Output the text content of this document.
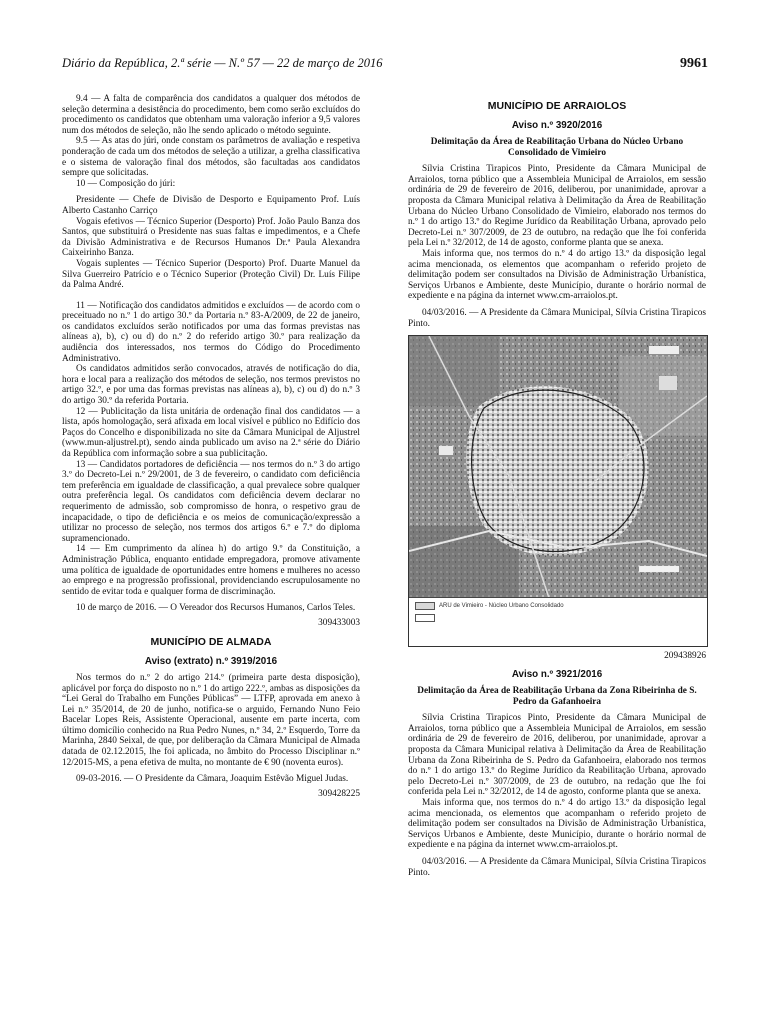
Diário da República, 2.ª série — N.º 57 — 22 de março de 2016	9961

9.4 — A falta de comparência dos candidatos a qualquer dos métodos de seleção determina a desistência do procedimento, bem como serão excluídos do procedimento os candidatos que obtenham uma valoração inferior a 9,5 valores num dos métodos de seleção, não lhe sendo aplicado o método seguinte.

9.5 — As atas do júri, onde constam os parâmetros de avaliação e respetiva ponderação de cada um dos métodos de seleção a utilizar, a grelha classificativa e o sistema de valoração final dos métodos, são facultadas aos candidatos sempre que solicitadas.

10 — Composição do júri:

Presidente — Chefe de Divisão de Desporto e Equipamento Prof. Luís Alberto Castanho Carriço

Vogais efetivos — Técnico Superior (Desporto) Prof. João Paulo Banza dos Santos, que substituirá o Presidente nas suas faltas e impedimentos, e a Chefe da Divisão Administrativa e de Recursos Humanos Dr.ª Paula Alexandra Caixeirinho Banza.

Vogais suplentes — Técnico Superior (Desporto) Prof. Duarte Manuel da Silva Guerreiro Patrício e o Técnico Superior (Proteção Civil) Dr. Luís Filipe da Palma André.

11 — Notificação dos candidatos admitidos e excluídos — de acordo com o preceituado no n.º 1 do artigo 30.º da Portaria n.º 83-A/2009, de 22 de janeiro, os candidatos excluídos serão notificados por uma das formas previstas nas alíneas a), b), c) ou d) do n.º 2 do referido artigo 30.º para realização da audiência dos interessados, nos termos do Código do Procedimento Administrativo.

Os candidatos admitidos serão convocados, através de notificação do dia, hora e local para a realização dos métodos de seleção, nos termos previstos no artigo 32.º, e por uma das formas previstas nas alíneas a), b), c) ou d) do n.º 3 do artigo 30.º da referida Portaria.

12 — Publicitação da lista unitária de ordenação final dos candidatos — a lista, após homologação, será afixada em local visível e público no Edifício dos Paços do Concelho e disponibilizada no site da Câmara Municipal de Aljustrel (www.mun-aljustrel.pt), sendo ainda publicado um aviso na 2.ª série do Diário da República com informação sobre a sua publicitação.

13 — Candidatos portadores de deficiência — nos termos do n.º 3 do artigo 3.º do Decreto-Lei n.º 29/2001, de 3 de fevereiro, o candidato com deficiência tem preferência em igualdade de classificação, a qual prevalece sobre qualquer outra preferência legal. Os candidatos com deficiência devem declarar no requerimento de admissão, sob compromisso de honra, o respetivo grau de incapacidade, o tipo de deficiência e os meios de comunicação/expressão a utilizar no processo de seleção, nos termos dos artigos 6.º e 7.º do diploma supramencionado.

14 — Em cumprimento da alínea h) do artigo 9.º da Constituição, a Administração Pública, enquanto entidade empregadora, promove ativamente uma política de igualdade de oportunidades entre homens e mulheres no acesso ao emprego e na progressão profissional, providenciando escrupulosamente no sentido de evitar toda e qualquer forma de discriminação.

10 de março de 2016. — O Vereador dos Recursos Humanos, Carlos Teles.

309433003
MUNICÍPIO DE ALMADA
Aviso (extrato) n.º 3919/2016

Nos termos do n.º 2 do artigo 214.º (primeira parte desta disposição), aplicável por força do disposto no n.º 1 do artigo 222.º, ambas as disposições da “Lei Geral do Trabalho em Funções Públicas” — LTFP, aprovada em anexo à Lei n.º 35/2014, de 20 de junho, notifica-se o arguido, Fernando Nuno Feio Bacelar Lopes Reis, Assistente Operacional, ausente em parte incerta, com último domicílio conhecido na Rua Pedro Nunes, n.º 34, 2.º Esquerdo, Torre da Marinha, 2840 Seixal, de que, por deliberação da Câmara Municipal de Almada datada de 02.12.2015, lhe foi aplicada, no âmbito do Processo Disciplinar n.º 12/2015-MS, a pena efetiva de multa, no montante de € 90 (noventa euros).

09-03-2016. — O Presidente da Câmara, Joaquim Estêvão Miguel Judas.

309428225
MUNICÍPIO DE ARRAIOLOS
Aviso n.º 3920/2016
Delimitação da Área de Reabilitação Urbana do Núcleo Urbano Consolidado de Vimieiro

Sílvia Cristina Tirapicos Pinto, Presidente da Câmara Municipal de Arraiolos, torna público que a Assembleia Municipal de Arraiolos, em sessão ordinária de 29 de fevereiro de 2016, deliberou, por unanimidade, aprovar a proposta da Câmara Municipal relativa à Delimitação da Área de Reabilitação Urbana do Núcleo Urbano Consolidado de Vimieiro, elaborado nos termos do n.º 1 do artigo 13.º do Regime Jurídico da Reabilitação Urbana, aprovado pelo Decreto-Lei n.º 307/2009, de 23 de outubro, na redação que lhe foi conferida pela Lei n.º 32/2012, de 14 de agosto, conforme planta que se anexa.

Mais informa que, nos termos do n.º 4 do artigo 13.º da disposição legal acima mencionada, os elementos que acompanham o referido projeto de delimitação podem ser consultados na Divisão de Administração Urbanística, Serviços Urbanos e Ambiente, deste Município, durante o horário normal de expediente e na página da internet www.cm-arraiolos.pt.

04/03/2016. — A Presidente da Câmara Municipal, Sílvia Cristina Tirapicos Pinto.

ARU de Vimieiro - Núcleo Urbano Consolidado
209438926
Aviso n.º 3921/2016
Delimitação da Área de Reabilitação Urbana da Zona Ribeirinha de S. Pedro da Gafanhoeira

Sílvia Cristina Tirapicos Pinto, Presidente da Câmara Municipal de Arraiolos, torna público que a Assembleia Municipal de Arraiolos, em sessão ordinária de 29 de fevereiro de 2016, deliberou, por unanimidade, aprovar a proposta da Câmara Municipal relativa à Delimitação da Área de Reabilitação Urbana da Zona Ribeirinha de S. Pedro da Gafanhoeira, elaborado nos termos do n.º 1 do artigo 13.º do Regime Jurídico da Reabilitação Urbana, aprovado pelo Decreto-Lei n.º 307/2009, de 23 de outubro, na redação que lhe foi conferida pela Lei n.º 32/2012, de 14 de agosto, conforme planta que se anexa.

Mais informa que, nos termos do n.º 4 do artigo 13.º da disposição legal acima mencionada, os elementos que acompanham o referido projeto de delimitação podem ser consultados na Divisão de Administração Urbanística, Serviços Urbanos e Ambiente, deste Município, durante o horário normal de expediente e na página da internet www.cm-arraiolos.pt.

04/03/2016. — A Presidente da Câmara Municipal, Sílvia Cristina Tirapicos Pinto.
